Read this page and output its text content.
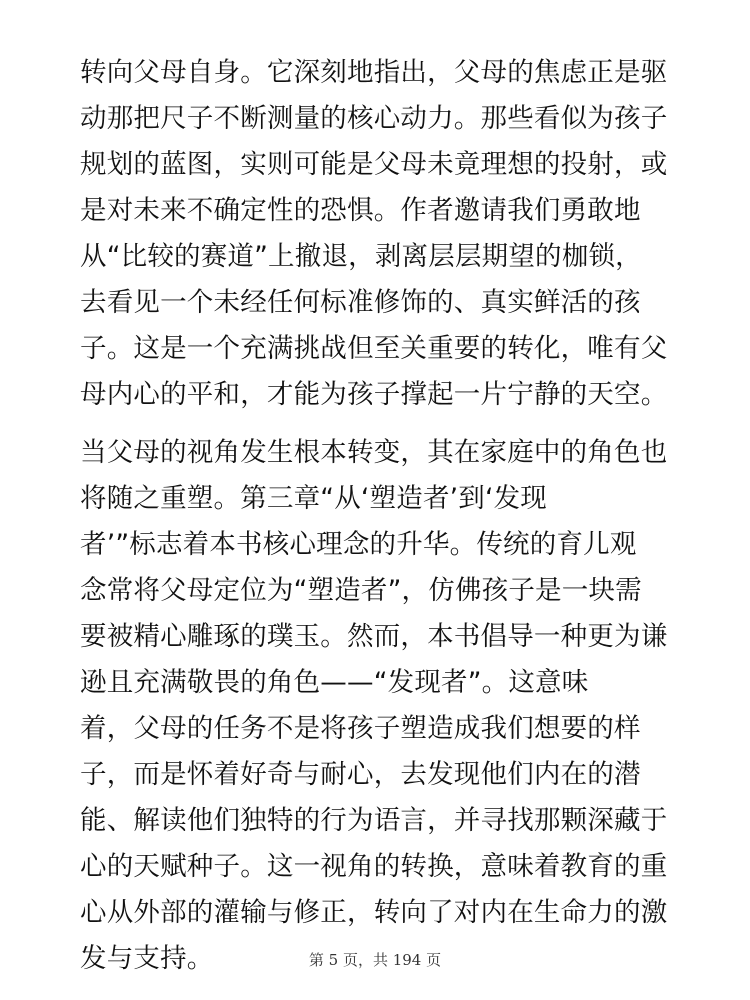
转向父母自身。它深刻地指出，父母的焦虑正是驱
动那把尺子不断测量的核心动力。那些看似为孩子
规划的蓝图，实则可能是父母未竟理想的投射，或
是对未来不确定性的恐惧。作者邀请我们勇敢地
从“比较的赛道”上撤退，剥离层层期望的枷锁，
去看见一个未经任何标准修饰的、真实鲜活的孩
子。这是一个充满挑战但至关重要的转化，唯有父
母内心的平和，才能为孩子撑起一片宁静的天空。

当父母的视角发生根本转变，其在家庭中的角色也
将随之重塑。第三章“从‘塑造者’到‘发现
者’”标志着本书核心理念的升华。传统的育儿观
念常将父母定位为“塑造者”，仿佛孩子是一块需
要被精心雕琢的璞玉。然而，本书倡导一种更为谦
逊且充满敬畏的角色——“发现者”。这意味
着，父母的任务不是将孩子塑造成我们想要的样
子，而是怀着好奇与耐心，去发现他们内在的潜
能、解读他们独特的行为语言，并寻找那颗深藏于
心的天赋种子。这一视角的转换，意味着教育的重
心从外部的灌输与修正，转向了对内在生命力的激
发与支持。	第 5 页，共 194 页
